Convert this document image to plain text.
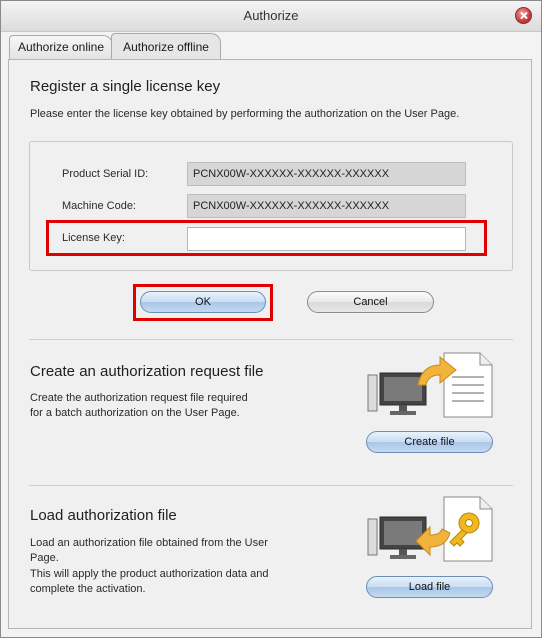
Authorize
Authorize online	Authorize offline
Register a single license key
Please enter the license key obtained by performing the authorization on the User Page.
Product Serial ID:	PCNX00W-XXXXXX-XXXXXX-XXXXXX
Machine Code:	PCNX00W-XXXXXX-XXXXXX-XXXXXX
License Key:
OK	Cancel
Create an authorization request file
Create the authorization request file required
for a batch authorization on the User Page.
Create file
Load authorization file
Load an authorization file obtained from the User
Page.
This will apply the product authorization data and
complete the activation.	Load file
